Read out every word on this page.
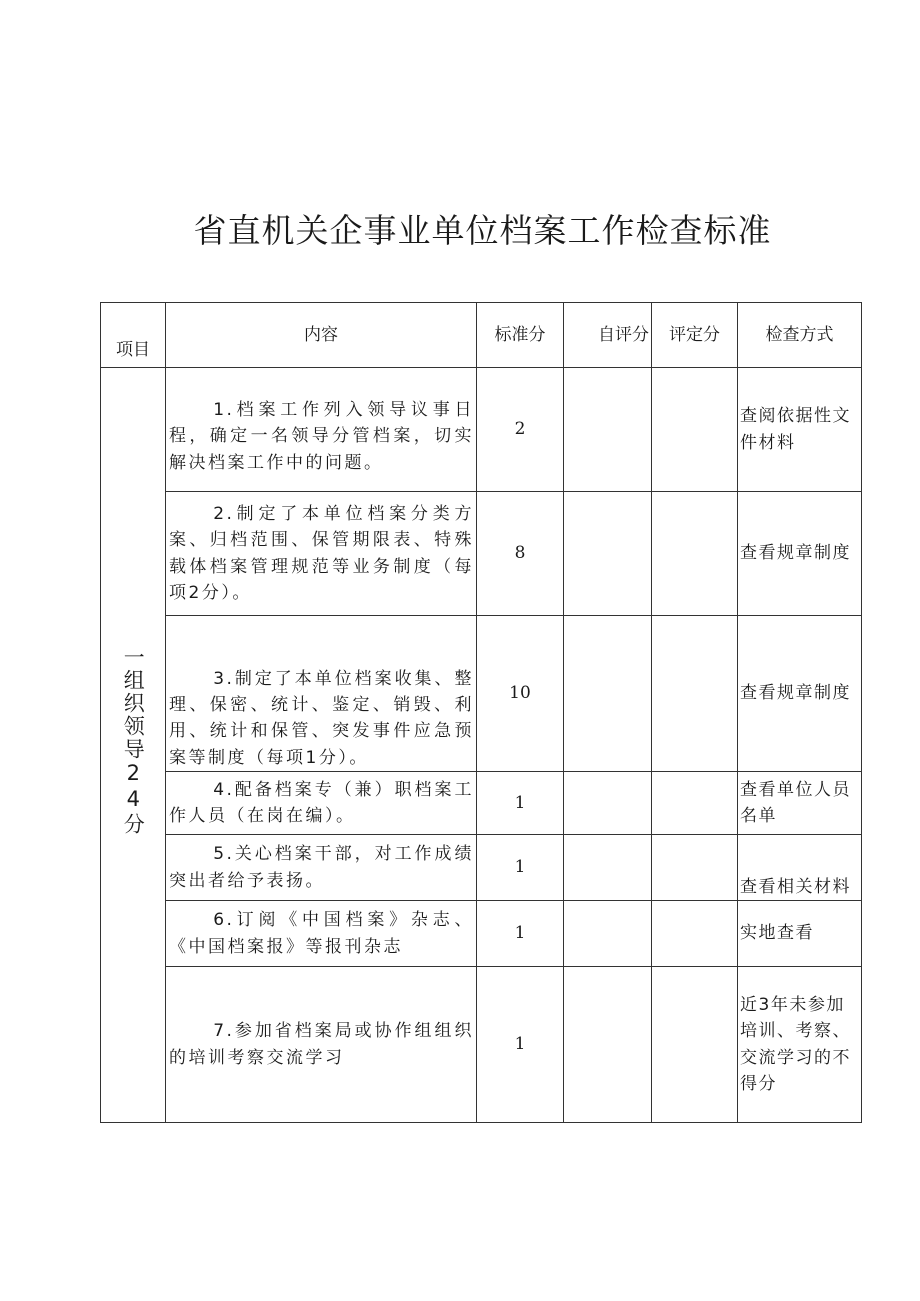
省直机关企事业单位档案工作检查标准
项目	内容	标准分	自评分	评定分	检查方式
一组织领导24分	1.档案工作列入领导议事日程，确定一名领导分管档案，切实解决档案工作中的问题。	2			查阅依据性文件材料

	2.制定了本单位档案分类方案、归档范围、保管期限表、特殊载体档案管理规范等业务制度（每项2分）。	8			查看规章制度

	3.制定了本单位档案收集、整理、保密、统计、鉴定、销毁、利用、统计和保管、突发事件应急预案等制度（每项1分）。	10			查看规章制度

	4.配备档案专（兼）职档案工作人员（在岗在编）。	1			查看单位人员名单

	5.关心档案干部，对工作成绩突出者给予表扬。	1			查看相关材料

	6.订阅《中国档案》杂志、《中国档案报》等报刊杂志	1			实地查看

	7.参加省档案局或协作组组织的培训考察交流学习	1			近3年未参加培训、考察、交流学习的不得分
